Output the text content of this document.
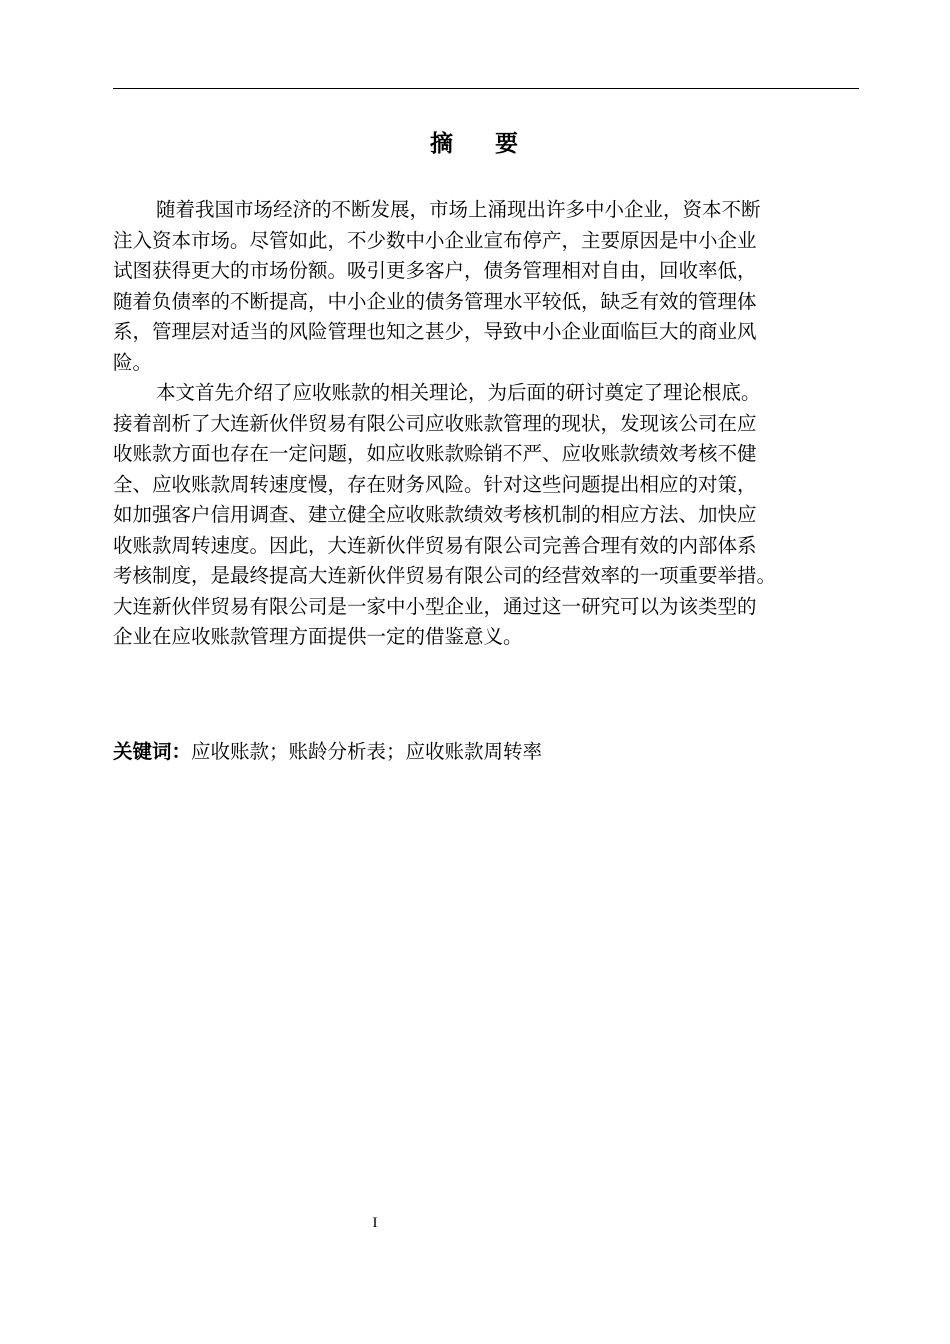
摘    要
随着我国市场经济的不断发展，市场上涌现出许多中小企业，资本不断
注入资本市场。尽管如此，不少数中小企业宣布停产，主要原因是中小企业
试图获得更大的市场份额。吸引更多客户，债务管理相对自由，回收率低，
随着负债率的不断提高，中小企业的债务管理水平较低，缺乏有效的管理体
系，管理层对适当的风险管理也知之甚少，导致中小企业面临巨大的商业风
险。
本文首先介绍了应收账款的相关理论，为后面的研讨奠定了理论根底。
接着剖析了大连新伙伴贸易有限公司应收账款管理的现状，发现该公司在应
收账款方面也存在一定问题，如应收账款赊销不严、应收账款绩效考核不健
全、应收账款周转速度慢，存在财务风险。针对这些问题提出相应的对策，
如加强客户信用调查、建立健全应收账款绩效考核机制的相应方法、加快应
收账款周转速度。因此，大连新伙伴贸易有限公司完善合理有效的内部体系
考核制度，是最终提高大连新伙伴贸易有限公司的经营效率的一项重要举措。
大连新伙伴贸易有限公司是一家中小型企业，通过这一研究可以为该类型的
企业在应收账款管理方面提供一定的借鉴意义。
关键词：应收账款；账龄分析表；应收账款周转率
I
